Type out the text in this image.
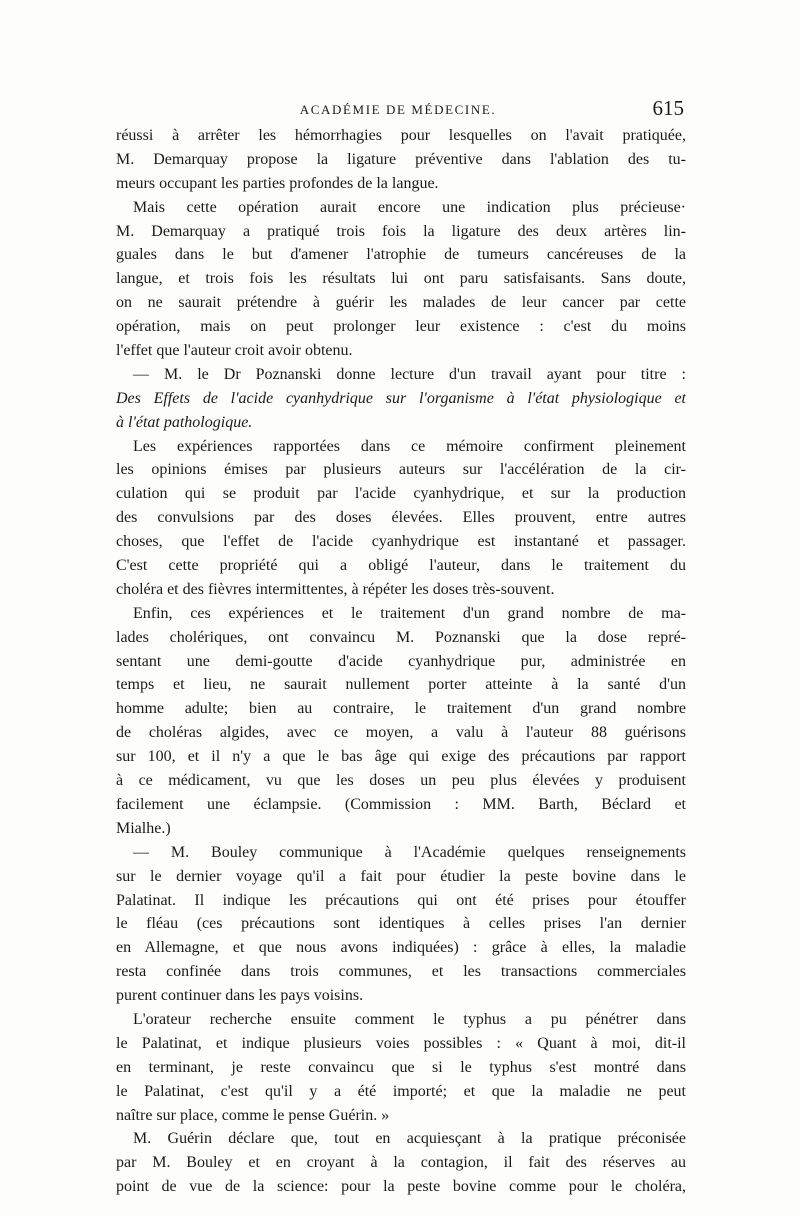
ACADÉMIE DE MÉDECINE.	615
réussi à arrêter les hémorrhagies pour lesquelles on l'avait pratiquée,
M. Demarquay propose la ligature préventive dans l'ablation des tu-
meurs occupant les parties profondes de la langue.
Mais cette opération aurait encore une indication plus précieuse·
M. Demarquay a pratiqué trois fois la ligature des deux artères lin-
guales dans le but d'amener l'atrophie de tumeurs cancéreuses de la
langue, et trois fois les résultats lui ont paru satisfaisants. Sans doute,
on ne saurait prétendre à guérir les malades de leur cancer par cette
opération, mais on peut prolonger leur existence : c'est du moins
l'effet que l'auteur croit avoir obtenu.
— M. le Dr Poznanski donne lecture d'un travail ayant pour titre :
Des Effets de l'acide cyanhydrique sur l'organisme à l'état physiologique et
à l'état pathologique.
Les expériences rapportées dans ce mémoire confirment pleinement
les opinions émises par plusieurs auteurs sur l'accélération de la cir-
culation qui se produit par l'acide cyanhydrique, et sur la production
des convulsions par des doses élevées. Elles prouvent, entre autres
choses, que l'effet de l'acide cyanhydrique est instantané et passager.
C'est cette propriété qui a obligé l'auteur, dans le traitement du
choléra et des fièvres intermittentes, à répéter les doses très-souvent.
Enfin, ces expériences et le traitement d'un grand nombre de ma-
lades cholériques, ont convaincu M. Poznanski que la dose repré-
sentant une demi-goutte d'acide cyanhydrique pur, administrée en
temps et lieu, ne saurait nullement porter atteinte à la santé d'un
homme adulte; bien au contraire, le traitement d'un grand nombre
de choléras algides, avec ce moyen, a valu à l'auteur 88 guérisons
sur 100, et il n'y a que le bas âge qui exige des précautions par rapport
à ce médicament, vu que les doses un peu plus élevées y produisent
facilement une éclampsie. (Commission : MM. Barth, Béclard et
Mialhe.)
— M. Bouley communique à l'Académie quelques renseignements
sur le dernier voyage qu'il a fait pour étudier la peste bovine dans le
Palatinat. Il indique les précautions qui ont été prises pour étouffer
le fléau (ces précautions sont identiques à celles prises l'an dernier
en Allemagne, et que nous avons indiquées) : grâce à elles, la maladie
resta confinée dans trois communes, et les transactions commerciales
purent continuer dans les pays voisins.
L'orateur recherche ensuite comment le typhus a pu pénétrer dans
le Palatinat, et indique plusieurs voies possibles : « Quant à moi, dit-il
en terminant, je reste convaincu que si le typhus s'est montré dans
le Palatinat, c'est qu'il y a été importé; et que la maladie ne peut
naître sur place, comme le pense Guérin. »
M. Guérin déclare que, tout en acquiesçant à la pratique préconisée
par M. Bouley et en croyant à la contagion, il fait des réserves au
point de vue de la science: pour la peste bovine comme pour le choléra,
